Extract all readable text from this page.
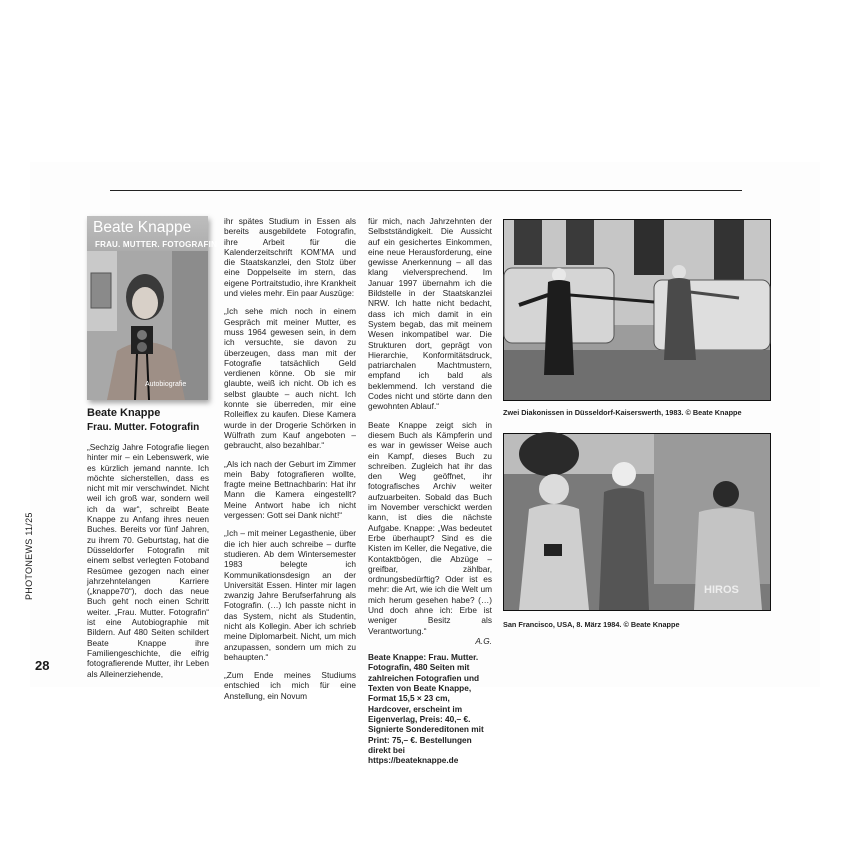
PHOTONEWS 11/25
28
Beate Knappe
FRAU. MUTTER. FOTOGRAFIN
Autobiografie
Beate Knappe
Frau. Mutter. Fotografin

„Sechzig Jahre Fotografie liegen hinter mir – ein Lebenswerk, wie es kürzlich jemand nannte. Ich möchte sicherstellen, dass es nicht mit mir verschwindet. Nicht weil ich groß war, sondern weil ich da war“, schreibt Beate Knappe zu Anfang ihres neuen Buches. Bereits vor fünf Jahren, zu ihrem 70. Geburtstag, hat die Düsseldorfer Fotografin mit einem selbst verlegten Fotoband Resümee gezogen nach einer jahrzehntelangen Karriere („knappe70“), doch das neue Buch geht noch einen Schritt weiter. „Frau. Mutter. Fotografin“ ist eine Autobiographie mit Bildern. Auf 480 Seiten schildert Beate Knappe ihre Familiengeschichte, die eifrig fotografierende Mutter, ihr Leben als Alleinerziehende,

ihr spätes Studium in Essen als bereits ausgebildete Fotografin, ihre Arbeit für die Kalenderzeitschrift KOM’MA und die Staatskanzlei, den Stolz über eine Doppelseite im stern, das eigene Portraitstudio, ihre Krankheit und vieles mehr. Ein paar Auszüge:

„Ich sehe mich noch in einem Gespräch mit meiner Mutter, es muss 1964 gewesen sein, in dem ich versuchte, sie davon zu überzeugen, dass man mit der Fotografie tatsächlich Geld verdienen könne. Ob sie mir glaubte, weiß ich nicht. Ob ich es selbst glaubte – auch nicht. Ich konnte sie überreden, mir eine Rolleiflex zu kaufen. Diese Kamera wurde in der Drogerie Schörken in Wülfrath zum Kauf angeboten – gebraucht, also bezahlbar.“

„Als ich nach der Geburt im Zimmer mein Baby fotografieren wollte, fragte meine Bettnachbarin: Hat ihr Mann die Kamera eingestellt? Meine Antwort habe ich nicht vergessen: Gott sei Dank nicht!“

„Ich – mit meiner Legasthenie, über die ich hier auch schreibe – durfte studieren. Ab dem Wintersemester 1983 belegte ich Kommunikationsdesign an der Universität Essen. Hinter mir lagen zwanzig Jahre Berufserfahrung als Fotografin. (…) Ich passte nicht in das System, nicht als Studentin, nicht als Kollegin. Aber ich schrieb meine Diplomarbeit. Nicht, um mich anzupassen, sondern um mich zu behaupten.“

„Zum Ende meines Studiums entschied ich mich für eine Anstellung, ein Novum

für mich, nach Jahrzehnten der Selbstständigkeit. Die Aussicht auf ein gesichertes Einkommen, eine neue Herausforderung, eine gewisse Anerkennung – all das klang vielversprechend. Im Januar 1997 übernahm ich die Bildstelle in der Staatskanzlei NRW. Ich hatte nicht bedacht, dass ich mich damit in ein System begab, das mit meinem Wesen inkompatibel war. Die Strukturen dort, geprägt von Hierarchie, Konformitätsdruck, patriarchalen Machtmustern, empfand ich bald als beklemmend. Ich verstand die Codes nicht und störte dann den gewohnten Ablauf.“

Beate Knappe zeigt sich in diesem Buch als Kämpferin und es war in gewisser Weise auch ein Kampf, dieses Buch zu schreiben. Zugleich hat ihr das den Weg geöffnet, ihr fotografisches Archiv weiter aufzuarbeiten. Sobald das Buch im November verschickt werden kann, ist dies die nächste Aufgabe. Knappe: „Was bedeutet Erbe überhaupt? Sind es die Kisten im Keller, die Negative, die Kontaktbögen, die Abzüge – greifbar, zählbar, ordnungsbedürftig? Oder ist es mehr: die Art, wie ich die Welt um mich herum gesehen habe? (…) Und doch ahne ich: Erbe ist weniger Besitz als Verantwortung.“

A.G.

Beate Knappe: Frau. Mutter. Fotografin, 480 Seiten mit zahlreichen Fotografien und Texten von Beate Knappe, Format 15,5 × 23 cm, Hardcover, erscheint im Eigenverlag, Preis: 40,– €. Signierte Sondereditonen mit Print: 75,– €. Bestellungen direkt bei https://beateknappe.de

Zwei Diakonissen in Düsseldorf-Kaiserswerth, 1983. © Beate Knappe
HIROS
San Francisco, USA, 8. März 1984. © Beate Knappe
